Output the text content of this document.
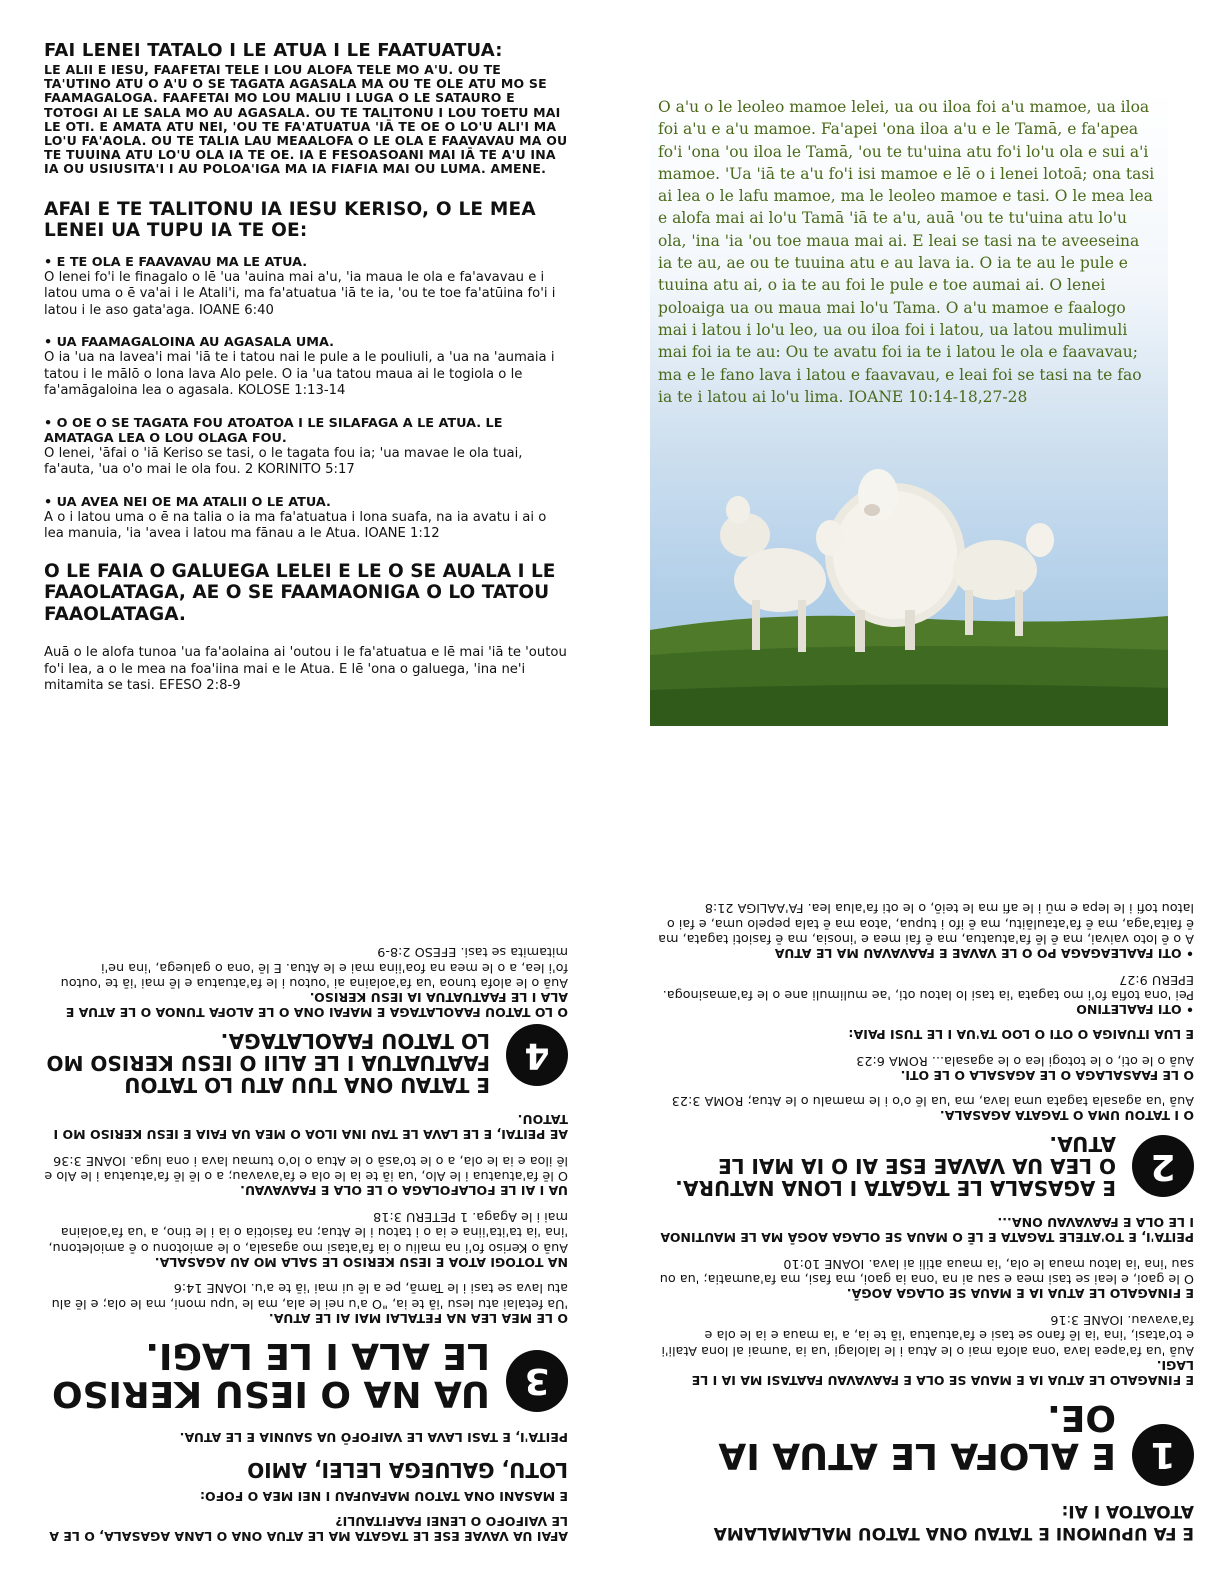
FAI LENEI TATALO I LE ATUA I LE FAATUATUA:

LE ALII E IESU, FAAFETAI TELE I LOU ALOFA TELE MO A'U. OU TE TA'UTINO ATU O A'U O SE TAGATA AGASALA MA OU TE OLE ATU MO SE FAAMAGALOGA. FAAFETAI MO LOU MALIU I LUGA O LE SATAURO E TOTOGI AI LE SALA MO AU AGASALA. OU TE TALITONU I LOU TOETU MAI LE OTI. E AMATA ATU NEI, 'OU TE FA'ATUATUA 'IĀ TE OE O LO'U ALI'I MA LO'U FA'AOLA. OU TE TALIA LAU MEAALOFA O LE OLA E FAAVAVAU MA OU TE TUUINA ATU LO'U OLA IA TE OE. IA E FESOASOANI MAI IĀ TE A'U INA IA OU USIUSITA'I I AU POLOA'IGA MA IA FIAFIA MAI OU LUMA. AMENE.

AFAI E TE TALITONU IA IESU KERISO, O LE MEA LENEI UA TUPU IA TE OE:
• E TE OLA E FAAVAVAU MA LE ATUA.
O lenei fo'i le finagalo o lē 'ua 'auina mai a'u, 'ia maua le ola e fa'avavau e i latou uma o ē va'ai i le Atali'i, ma fa'atuatua 'iā te ia, 'ou te toe fa'atūina fo'i i latou i le aso gata'aga. IOANE 6:40
• UA FAAMAGALOINA AU AGASALA UMA.
O ia 'ua na lavea'i mai 'iā te i tatou nai le pule a le pouliuli, a 'ua na 'aumaia i tatou i le mālō o lona lava Alo pele. O ia 'ua tatou maua ai le togiola o le fa'amāgaloina lea o agasala. KOLOSE 1:13-14
• O OE O SE TAGATA FOU ATOATOA I LE SILAFAGA A LE ATUA. LE AMATAGA LEA O LOU OLAGA FOU.
O lenei, 'āfai o 'iā Keriso se tasi, o le tagata fou ia; 'ua mavae le ola tuai, fa'auta, 'ua o'o mai le ola fou. 2 KORINITO 5:17
• UA AVEA NEI OE MA ATALII O LE ATUA.
A o i latou uma o ē na talia o ia ma fa'atuatua i lona suafa, na ia avatu i ai o lea manuia, 'ia 'avea i latou ma fānau a le Atua. IOANE 1:12
O LE FAIA O GALUEGA LELEI E LE O SE AUALA I LE FAAOLATAGA, AE O SE FAAMAONIGA O LO TATOU FAAOLATAGA.
Auā o le alofa tunoa 'ua fa'aolaina ai 'outou i le fa'atuatua e lē mai 'iā te 'outou fo'i lea, a o le mea na foa'iina mai e le Atua. E lē 'ona o galuega, 'ina ne'i mitamita se tasi. EFESO 2:8-9
O a'u o le leoleo mamoe lelei, ua ou iloa foi a'u mamoe, ua iloa foi a'u e a'u mamoe. Fa'apei 'ona iloa a'u e le Tamā, e fa'apea fo'i 'ona 'ou iloa le Tamā, 'ou te tu'uina atu fo'i lo'u ola e sui a'i mamoe. 'Ua 'iā te a'u fo'i isi mamoe e lē o i lenei lotoā; ona tasi ai lea o le lafu mamoe, ma le leoleo mamoe e tasi. O le mea lea e alofa mai ai lo'u Tamā 'iā te a'u, auā 'ou te tu'uina atu lo'u ola, 'ina 'ia 'ou toe maua mai ai. E leai se tasi na te aveeseina ia te au, ae ou te tuuina atu e au lava ia. O ia te au le pule e tuuina atu ai, o ia te au foi le pule e toe aumai ai. O lenei poloaiga ua ou maua mai lo'u Tama. O a'u mamoe e faalogo mai i latou i lo'u leo, ua ou iloa foi i latou, ua latou mulimuli mai foi ia te au: Ou te avatu foi ia te i latou le ola e faavavau; ma e le fano lava i latou e faavavau, e leai foi se tasi na te fao ia te i latou ai lo'u lima. IOANE 10:14-18,27-28
AFAI UA VAVAE ESE LE TAGATA MA LE ATUA ONA O LANA AGASALA, O LE A LE VAIFOFO O LENEI FAAFITAULI?
E MASANI ONA TATOU MAFAUFAU I NEI MEA O FOFO:
LOTU, GALUEGA LELEI, AMIO
PEITA'I, E TASI LAVA LE VAIFOFŌ UA SAUNIA E LE ATUA.
3
UA NA O IESU KERISO LE ALA I LE LAGI.
O LE MEA LEA NA FETALAI MAI AI LE ATUA.
'Ua fetalai atu Iesu 'iā te ia, "O a'u nei le ala, ma le 'upu moni, ma le ola; e lē alu atu lava se tasi i le Tamā, pe a lē ui mai 'iā te a'u. IOANE 14:6
NA TOTOGI ATOA E IESU KERISO LE SALA MO AU AGASALA.
Auā o Keriso fo'i na maliu o ia fa'atasi mo agasala, o le amiotonu o ē amioletonu, 'ina 'ia ta'ita'iina e ia o i tatou i le Atua; na fasiotia o ia i le tino, a 'ua fa'aolaina mai i le Agaga. 1 PETERU 3:18
UA I AI LE FOLAFOLAGA O LE OLA E FAAVAVAU.
O lē fa'atuatua i le Alo, 'ua iā te ia le ola e fa'avavau; a o lē lē fa'atuatua i le Alo e lē iloa e ia le ola, a o le to'asā o le Atua o lo'o tumau lava i ona luga. IOANE 3:36
AE PEITAI, E LE LAVA LE TAU INA ILOA O MEA UA FAIA E IESU KERISO MO I TATOU.
4
E TATAU ONA TUU ATU LO TATOU FAATUATUA I LE ALII O IESU KERISO MO LO TATOU FAAOLATAGA.
O LO TATOU FAAOLATAGA E MAFAI ONA O LE ALOFA TUNOA O LE ATUA E ALA I LE FAATUATUA IA IESU KERISO.
Auā o le alofa tunoa 'ua fa'aolaina ai 'outou i le fa'atuatua e lē mai 'iā te 'outou fo'i lea, a o le mea na foa'iina mai e le Atua. E lē 'ona o galuega, 'ina ne'i mitamita se tasi. EFESO 2:8-9
E FA UPUMONI E TATAU ONA TATOU MALAMALAMA ATOATOA I AI:
1
E ALOFA LE ATUA IA OE.
E FINAGALO LE ATUA IA E MAUA SE OLA E FAAVAVAU FAATASI MA IA I LE LAGI.
Auā 'ua fa'apea lava 'ona alofa mai o le Atua i le lalolagi 'ua ia 'aumai al lona Atali'i e to'atasi, 'ina 'ia lē fano se tasi e fa'atuatua 'iā te ia, a 'ia maua e ia le ola e fa'avavau. IOANE 3:16
E FINAGALO LE ATUA IA E MAUA SE OLAGA AOGĀ.
O le gaoi, e leai se tasi mea e sau ai na 'ona ia gaoi, ma fasi, ma fa'aumatia; 'ua ou sau 'ina 'ia latou maua le ola, 'ia maua atili ai lava. IOANE 10:10
PEITA'I, E TO'ATELE TAGATA E LĒ O MAUA SE OLAGA AOGĀ MA LE MAUTINOA I LE OLA E FAAVAVAU ONA...
2
E AGASALA LE TAGATA I LONA NATURA. O LEA UA VAVAE ESE AI O IA MAI LE ATUA.
O I TATOU UMA O TAGATA AGASALA.
Auā 'ua agasala tagata uma lava, ma 'ua lē o'o i le mamalu o le Atua; ROMA 3:23
O LE FAASALAGA O LE AGASALA O LE OTI.
Auā o le oti, o le totogi lea o le agasala... ROMA 6:23
E LUA ITUAIGA O OTI O LOO TA'UA I LE TUSI PAIA:
• OTI FAALETINO
Pei 'ona tofia fo'i mo tagata 'ia tasi lo latou oti, 'ae mulimuli ane o le fa'amasinoga. EPERU 9:27
• OTI FAALEAGAGA PO O LE VAVAE E FAAVAVAU MA LE ATUA
A o ē loto vaivai, ma ē lē fa'atuatua, ma ē fai mea e 'inosia, ma ē fasioti tagata, ma ē faita'aga, ma ē fa'ataulāitu, ma ē ifo i tupua, 'atoa ma ē tala pepelo uma, e fai o latou tofi i le lepa e mū i le afi ma le teiō, o le oti fa'alua lea. FA'AALIGA 21:8
